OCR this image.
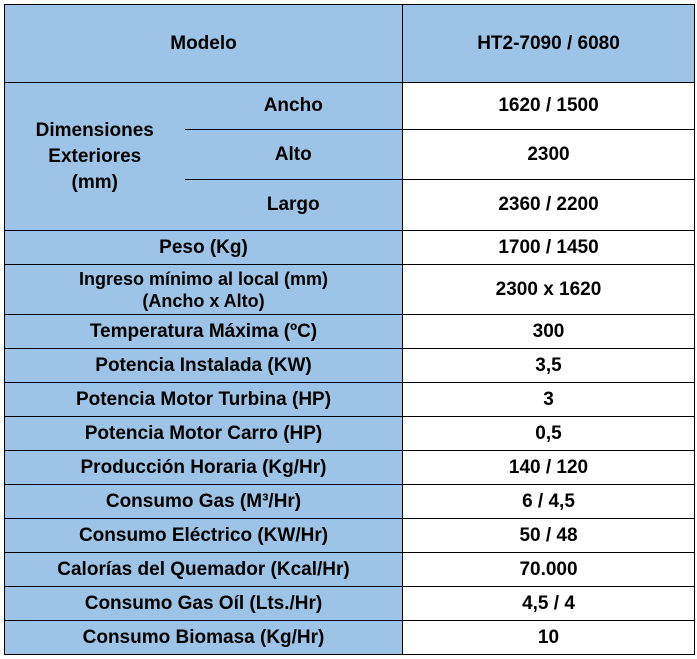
Modelo		HT2-7090 / 6080

Dimensiones
Exteriores
(mm)	Ancho	1620 / 1500
	Alto	2300
	Largo	2360 / 2200
Peso (Kg)		1700 / 1450

Ingreso mínimo al local (mm)
(Ancho x Alto)		2300 x 1620
Temperatura Máxima (ºC)		300
Potencia Instalada (KW)		3,5
Potencia Motor Turbina (HP)		3
Potencia Motor Carro (HP)		0,5
Producción Horaria (Kg/Hr)		140 / 120
Consumo Gas (M³/Hr)		6 / 4,5
Consumo Eléctrico (KW/Hr)		50 / 48
Calorías del Quemador (Kcal/Hr)		70.000
Consumo Gas Oíl (Lts./Hr)		4,5 / 4
Consumo Biomasa (Kg/Hr)		10
